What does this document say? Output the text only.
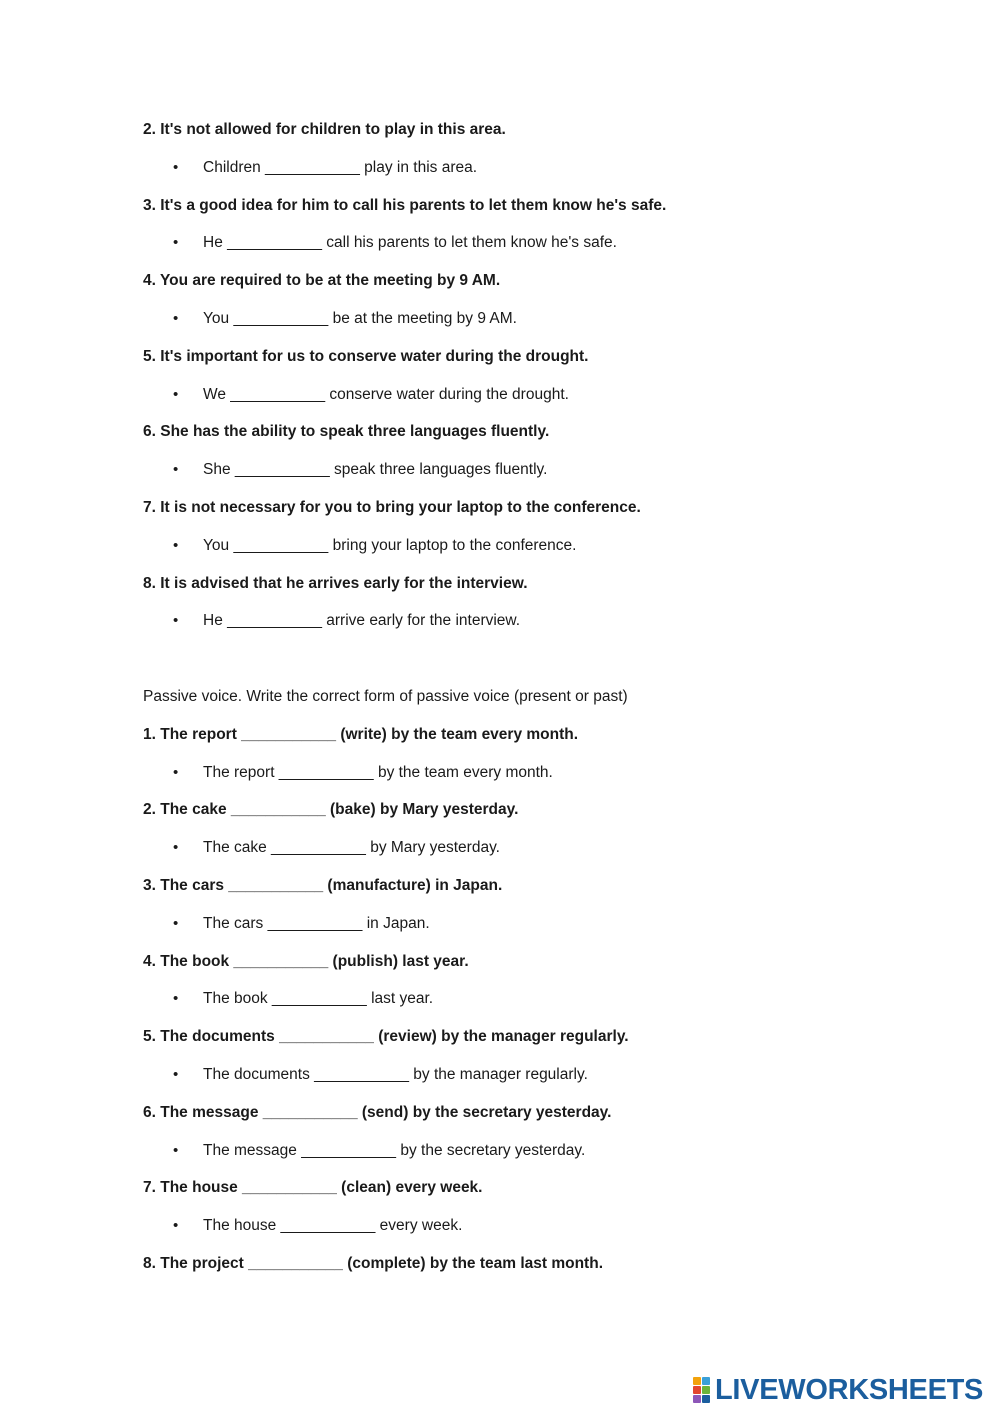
2. It's not allowed for children to play in this area.
• Children ___________ play in this area.
3. It's a good idea for him to call his parents to let them know he's safe.
• He ___________ call his parents to let them know he's safe.
4. You are required to be at the meeting by 9 AM.
• You ___________ be at the meeting by 9 AM.
5. It's important for us to conserve water during the drought.
• We ___________ conserve water during the drought.
6. She has the ability to speak three languages fluently.
• She ___________ speak three languages fluently.
7. It is not necessary for you to bring your laptop to the conference.
• You ___________ bring your laptop to the conference.
8. It is advised that he arrives early for the interview.
• He ___________ arrive early for the interview.
Passive voice. Write the correct form of passive voice (present or past)
1. The report ___________ (write) by the team every month.
• The report ___________ by the team every month.
2. The cake ___________ (bake) by Mary yesterday.
• The cake ___________ by Mary yesterday.
3. The cars ___________ (manufacture) in Japan.
• The cars ___________ in Japan.
4. The book ___________ (publish) last year.
• The book ___________ last year.
5. The documents ___________ (review) by the manager regularly.
• The documents ___________ by the manager regularly.
6. The message ___________ (send) by the secretary yesterday.
• The message ___________ by the secretary yesterday.
7. The house ___________ (clean) every week.
• The house ___________ every week.
8. The project ___________ (complete) by the team last month.
LIVEWORKSHEETS
